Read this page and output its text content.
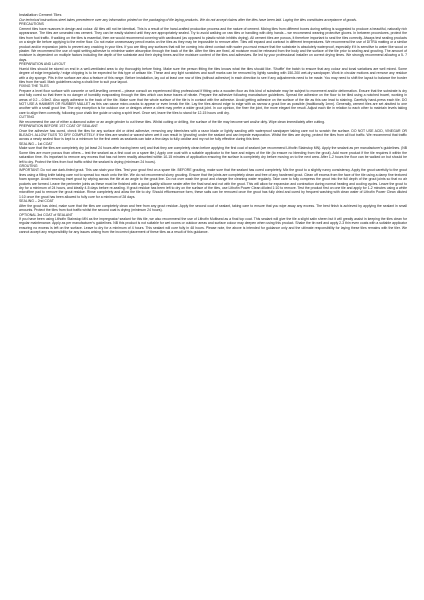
Installation Cement Tiles

Our technical instructions steel takes precedence over any information printed on the packaging of tile laying products. We do not accept claims after the tiles have been laid. Laying the tiles constitutes acceptance of goods.

PRECAUTIONS

Cement tiles have nuances in design and colour. All tiles will not be identical. This is a result of the hand-crafted production process and the nature of cement. Mixing tiles from different boxes during setting is suggested to produce a beautiful, naturally rich appearance. The tiles are unsealed raw cement. They can be easily stained until they are appropriately sealed. Try to avoid walking on raw tiles or handling with dirty hands – we recommend wearing protective gloves. In between procedures, protect the tiles from foot traffic. If walking on the tiles is essential, then we would recommend covering with cardboard (as opposed to plastic which inhibits drying). All cement tiles are porous, it therefore important to seal the tiles correctly. Always test sealing products on a single tile before applying to the entire floor. Do not make unnecessary pencil marks on the tiles as they may be impossible to remove after. Tiles will expand and contract in different temperatures. We recommend the use of DITRA matting or a similar product and/or expansion joints to prevent any cracking in your tiles. If you are tiling any surfaces that will be coming into direct contact with water you must ensure that the substrate is absolutely waterproof, especially if it is sensitive to water like wood or plaster. We recommend the use of rapid setting adhesive to minimise water absorption through the back of the tile. After the tiles are fixed, all moisture must be released from the body and the surface of the tile prior to sealing and grouting. The amount of moisture is dependent on multiple factors including the depth of the substrate and their drying times and the moisture content of the tiles and adhesives. Be led by your professional installer on correct drying times. We strongly recommend allowing a 5- 7 days.

PREPARATION AND LAYOUT

Humid tiles should be stored on end in a well-ventilated area to dry thoroughly before fixing. Make sure the person fitting the tiles knows what the tiles should like. 'Shuffle' the batch to ensure that any colour and tonal variations are well mixed. Some degree of edge irregularity / edge chipping is to be expected for this type of artisan tile. These and any light scratches and scuff marks can be removed by lightly sanding with 150-200 wet-dry sandpaper. Work in circular motions and remove any residue with a dry sponge. Pits in the surface are also a feature of this range. Before installation, lay out at least one row of tiles (without adhesive) in each direction to see if any adjustments need to be made. You may need to shift the layout to balance the border tiles from the wall. Mark guidelines using a chalk line to suit your layout.

FIXING THE TILES

Prepare a level floor surface with concrete or self-levelling cement – please consult an experienced tiling professional if fitting onto a wooden floor as this kind of substrate may be subject to movement and/or deformation. Ensure that the substrate is dry and fully cured so that there is no danger of humidity evaporating through the tiles which can leave traces of nitrate. Prepare the adhesive following manufacture guidelines. Spread the adhesive on the floor to be tiled using a notched trowel, working in areas of 0.2 – 0.5m2. Also apply adhesive to the back of the tile. Make sure that the whole surface of the tile is in contact with the adhesive. Avoid getting adhesive on the surface of the tile as this can lead to staining. Carefully hand-press each tile. DO NOT USE A HAMMER OR RUBBER MALLET as this can cause micro-cracks to appear or even break the tile. Lay the tiles almost edge to edge with as narrow a grout line as possible (traditionally 1mm). Generally, cement tiles are set abutted to one another with a small grout line. The only exception is for outdoor use or designs where a client may prefer a wider grout joint. In our opinion, the finer the joint, the more elegant the result. Adjust each tile in relation to each other to maintain levels taking care to align them correctly, following your chalk line guide or using a spirit level. Once set, leave the tiles to stand for 12-15 hours until dry.

CUTTING

We recommend the use of either a diamond cutter or an angle grinder to cut these tiles. Whilst cutting or drilling, the surface of the tile may become wet and/or dirty. Wipe clean immediately after cutting.

PREPARATION BEFORE 1ST COAT OF SEALANT

Once the adhesive has cured, check the tiles for any surface dirt or dried adhesive, removing any blemishes with a razor blade or lightly sanding with waterproof sandpaper taking care not to scratch the surface. DO NOT USE ACID, VINEGAR OR BLEACH. ALLOW TILES TO DRY COMPLETELY. If the tiles are sealed or waxed when wet it can result in 'ghosting' under the sealant and can impede evaporation. Whilst the tiles are drying, protect the tiles from all foot traffic. We recommend that traffic across a newly sealed floor is kept to a minimum for the first week as sealants can take a few days to fully oxidise and my not be fully effective during this time.

SEALING – 1st COAT

Make sure that the tiles are completely dry (at least 24 hours after having been set) and that they are completely clean before applying the first coat of sealant (we recommend Lithofin Stainstop MN). Apply the sealant as per manufacturer's guidelines. (NB Some tiles are more porous than others – test the sealant as a first coat on a spare tile.) Apply one coat with a suitable applicator to the face and edges of the tile (to ensure no bleeding from the grout). Add more product if the tile requires it within the saturation time. It's important to remove any excess that has not been readily absorbed within 10-15 minutes of application ensuring the surface is completely dry before moving on to the next area. After 1-2 hours the floor can be walked on but should be left to dry. Protect the tiles from foot traffic whilst the sealant is drying (minimum 24 hours).

GROUTING

IMPORTANT: Do not use dark-tinted grout. This can stain your tiles. Test your grout first on a spare tile. BEFORE grouting, make sure that the sealant has cured completely. Mix the grout to a slightly runny consistency. Apply the grout carefully to the grout lines using a filling knife taking care not to spread too much onto the tile. We do not recommend slurry grouting. Ensure that the joints are completely clean and free of any hardened grout. Clean off excess from the face of the tile using a damp fine textured foam sponge. Avoid removing inset grout by wiping across the tile at an angle to the grout line. Do not over wash the grout and change the cleaning water regularly. Take care to fully compress the grout into the full depth of the grout joints so that no air pockets are formed. Leave the perimeter joints as these must be finished with a good quality silicone sealer after the final seal and not with the grout. This will allow for expansion and contraction during normal heating and cooling cycles. Leave the grout to dry for a minimum of 24 hours, and ideally 4-5 days before re-sealing. If grout residue has been left to dry on the surface of the tiles, use Lithofin Power Clean diluted 1:10 to remove. Test the product first on one tile and apply for 1-2 minutes using a white microfibre pad to remove the grout residue. Rinse completely and allow the tile to dry. Should efflorescence form, these salts can be removed once the grout has fully dried and cured by frequent washing with clean water of Lithofin Power Clean diluted 1:10 once the grout has been allowed to fully cure for a minimum of 28 days.

SEALING – 2nd COAT

After the grout has dried, make sure that the tiles are completely clean and free from any grout residue. Apply the second coat of sealant, taking care to ensure that you wipe away any excess. The best finish is achieved by applying the sealant in small amounts. Protect the tiles from foot traffic whilst the second coat is drying (minimum 24 hours).

OPTIONAL 3rd COAT of SEALANT

If you have been using Lithofin Stainstop MN as the impregnator/ sealant for this tile, we also recommend the use of Lithofin Multiseal as a final top coat. This sealant will give the tile a slight satin sheen but it will greatly assist in keeping the tiles clean for regular maintenance. Apply as per manufacturer's guidelines. NB this product is not suitable for wet rooms or outdoor areas and surface colour may deepen when using this product. Shake the tin well and apply 2-3 thin even coats with a suitable applicator ensuring no excess is left on the surface. Leave to dry for a minimum of 4 hours. This sealant will cure fully in 48 hours. Please note, the above is intended for guidance only and the ultimate responsibility for laying these tiles remains with the tiler. We cannot accept any responsibility for any issues arising from the incorrect placement of these tiles as a result of this guidance.
